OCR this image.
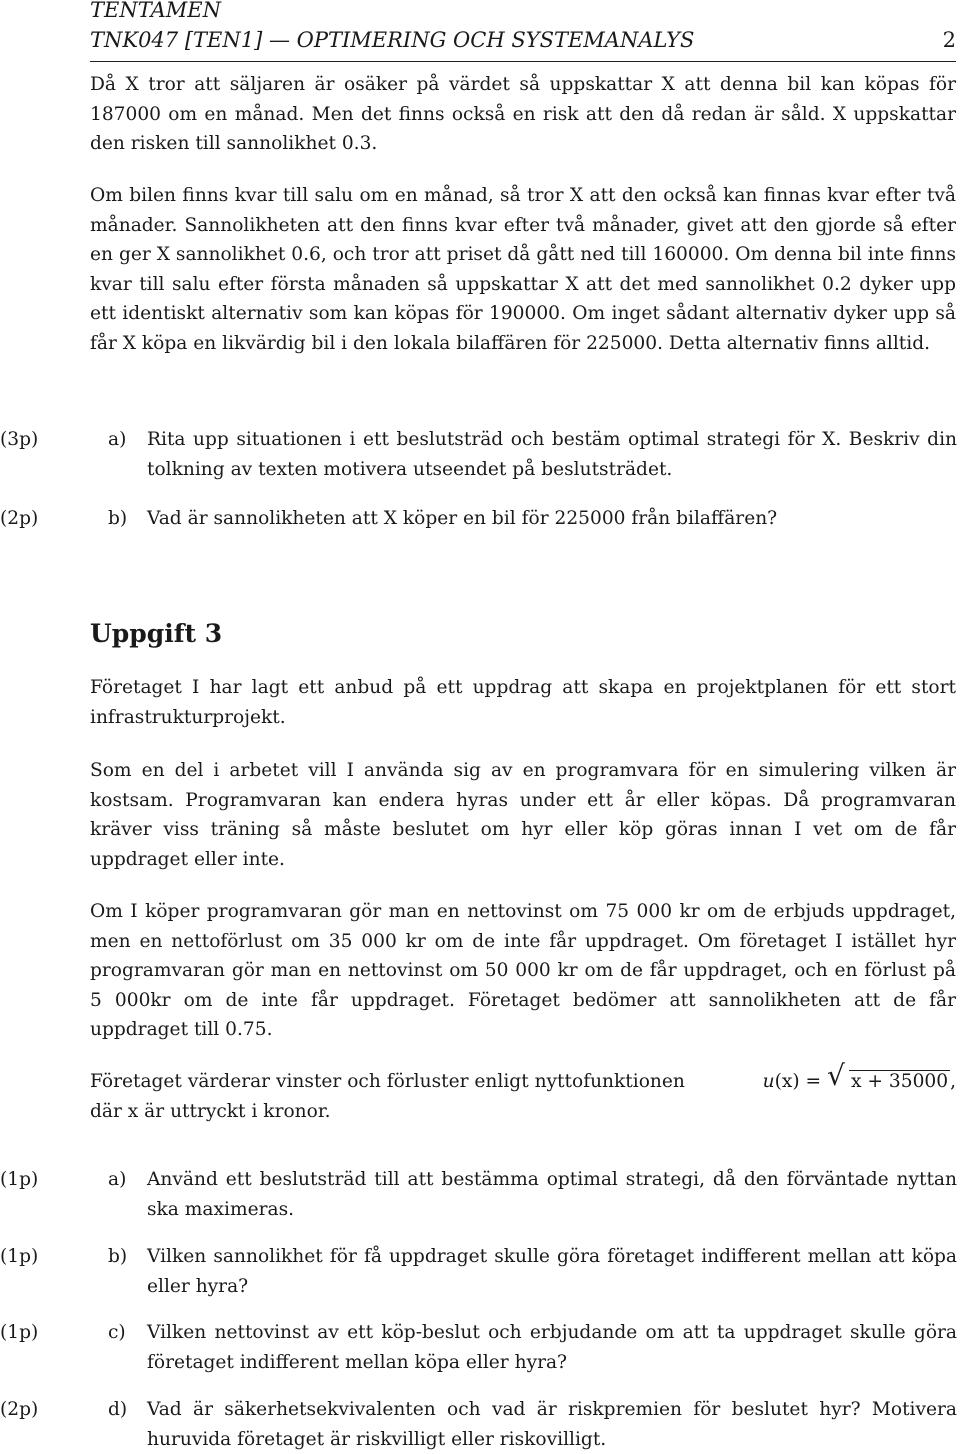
TENTAMEN
TNK047 [TEN1] — OPTIMERING OCH SYSTEMANALYS	2

Då X tror att säljaren är osäker på värdet så uppskattar X att denna bil kan köpas för 187000 om en månad. Men det finns också en risk att den då redan är såld. X uppskattar den risken till sannolikhet 0.3.

Om bilen finns kvar till salu om en månad, så tror X att den också kan finnas kvar efter två månader. Sannolikheten att den finns kvar efter två månader, givet att den gjorde så efter en ger X sannolikhet 0.6, och tror att priset då gått ned till 160000. Om denna bil inte finns kvar till salu efter första månaden så uppskattar X att det med sannolikhet 0.2 dyker upp ett identiskt alternativ som kan köpas för 190000. Om inget sådant alternativ dyker upp så får X köpa en likvärdig bil i den lokala bilaffären för 225000. Detta alternativ finns alltid.

(3p)	a) Rita upp situationen i ett beslutsträd och bestäm optimal strategi för X. Beskriv din tolkning av texten motivera utseendet på beslutsträdet.

(2p)	b) Vad är sannolikheten att X köper en bil för 225000 från bilaffären?

Uppgift 3

Företaget I har lagt ett anbud på ett uppdrag att skapa en projektplanen för ett stort infrastrukturprojekt.

Som en del i arbetet vill I använda sig av en programvara för en simulering vilken är kostsam. Programvaran kan endera hyras under ett år eller köpas. Då programvaran kräver viss träning så måste beslutet om hyr eller köp göras innan I vet om de får uppdraget eller inte.

Om I köper programvaran gör man en nettovinst om 75 000 kr om de erbjuds uppdraget, men en nettoförlust om 35 000 kr om de inte får uppdraget. Om företaget I istället hyr programvaran gör man en nettovinst om 50 000 kr om de får uppdraget, och en förlust på 5 000kr om de inte får uppdraget. Företaget bedömer att sannolikheten att de får uppdraget till 0.75.

Företaget värderar vinster och förluster enligt nyttofunktionen	u(x) = √ x + 35000 ,
där x är uttryckt i kronor.
(1p)	a) Använd ett beslutsträd till att bestämma optimal strategi, då den förväntade nyttan ska maximeras.

(1p)	b) Vilken sannolikhet för få uppdraget skulle göra företaget indifferent mellan att köpa eller hyra?

(1p)	c) Vilken nettovinst av ett köp-beslut och erbjudande om att ta uppdraget skulle göra företaget indifferent mellan köpa eller hyra?

(2p)	d) Vad är säkerhetsekvivalenten och vad är riskpremien för beslutet hyr? Motivera huruvida företaget är riskvilligt eller riskovilligt.
